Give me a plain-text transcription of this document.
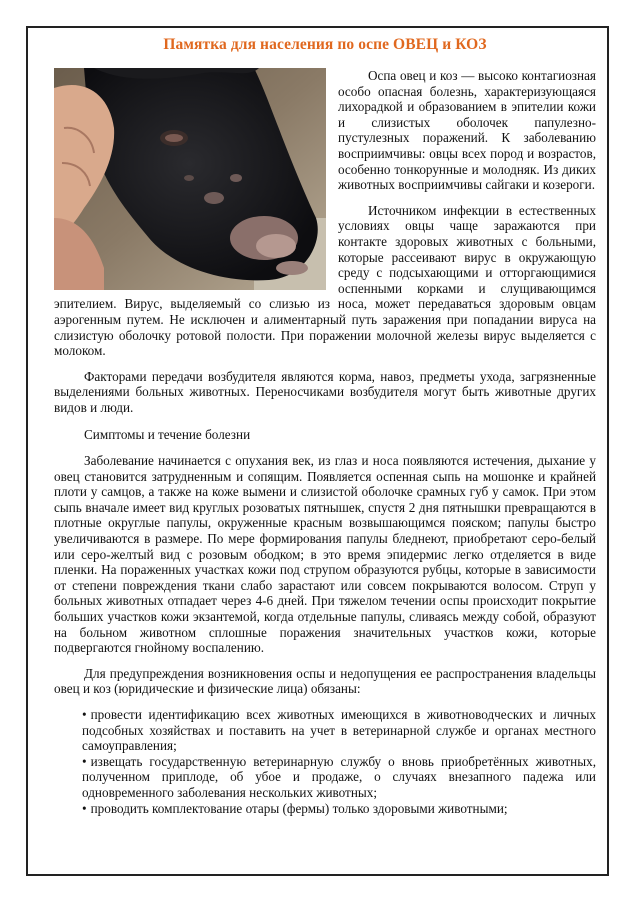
Памятка для населения по оспе ОВЕЦ и КОЗ

Оспа овец и коз — высоко контагиозная особо опасная болезнь, характеризующаяся лихорадкой и образованием в эпителии кожи и слизистых оболочек папулезно-пустулезных поражений. К заболеванию восприимчивы: овцы всех пород и возрастов, особенно тонкорунные и молодняк. Из диких животных восприимчивы сайгаки и козероги.

Источником инфекции в естественных условиях овцы чаще заражаются при контакте здоровых животных с больными, которые рассеивают вирус в окружающую среду с подсыхающими и отторгающимися оспенными корками и слущивающимся эпителием. Вирус, выделяемый со слизью из носа, может передаваться здоровым овцам аэрогенным путем. Не исключен и алиментарный путь заражения при попадании вируса на слизистую оболочку ротовой полости. При поражении молочной железы вирус выделяется с молоком.

Факторами передачи возбудителя являются корма, навоз, предметы ухода, загрязненные выделениями больных животных. Переносчиками возбудителя могут быть животные других видов и люди.

Симптомы и течение болезни

Заболевание начинается с опухания век, из глаз и носа появляются истечения, дыхание у овец становится затрудненным и сопящим. Появляется оспенная сыпь на мошонке и крайней плоти у самцов, а также на коже вымени и слизистой оболочке срамных губ у самок. При этом сыпь вначале имеет вид круглых розоватых пятнышек, спустя 2 дня пятнышки превращаются в плотные округлые папулы, окруженные красным возвышающимся пояском; папулы быстро увеличиваются в размере. По мере формирования папулы бледнеют, приобретают серо-белый или серо-желтый вид с розовым ободком; в это время эпидермис легко отделяется в виде пленки. На пораженных участках кожи под струпом образуются рубцы, которые в зависимости от степени повреждения ткани слабо зарастают или совсем покрываются волосом. Струп у больных животных отпадает через 4-6 дней. При тяжелом течении оспы происходит покрытие больших участков кожи экзантемой, когда отдельные папулы, сливаясь между собой, образуют на больном животном сплошные поражения значительных участков кожи, которые подвергаются гнойному воспалению.

Для предупреждения возникновения оспы и недопущения ее распространения владельцы овец и коз (юридические и физические лица) обязаны:

• провести идентификацию всех животных имеющихся в животноводческих и личных подсобных хозяйствах и поставить на учет в ветеринарной службе и органах местного самоуправления;

• извещать государственную ветеринарную службу о вновь приобретённых животных, полученном приплоде, об убое и продаже, о случаях внезапного падежа или одновременного заболевания нескольких животных;

• проводить комплектование отары (фермы) только здоровыми животными;
